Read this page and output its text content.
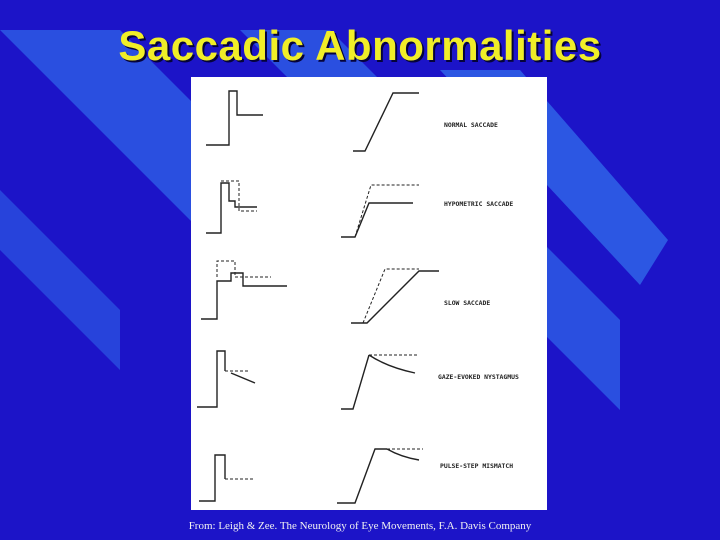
Saccadic Abnormalities
NORMAL SACCADE
HYPOMETRIC SACCADE
SLOW SACCADE
GAZE-EVOKED NYSTAGMUS
PULSE-STEP MISMATCH
From: Leigh & Zee. The Neurology of Eye Movements, F.A. Davis Company
